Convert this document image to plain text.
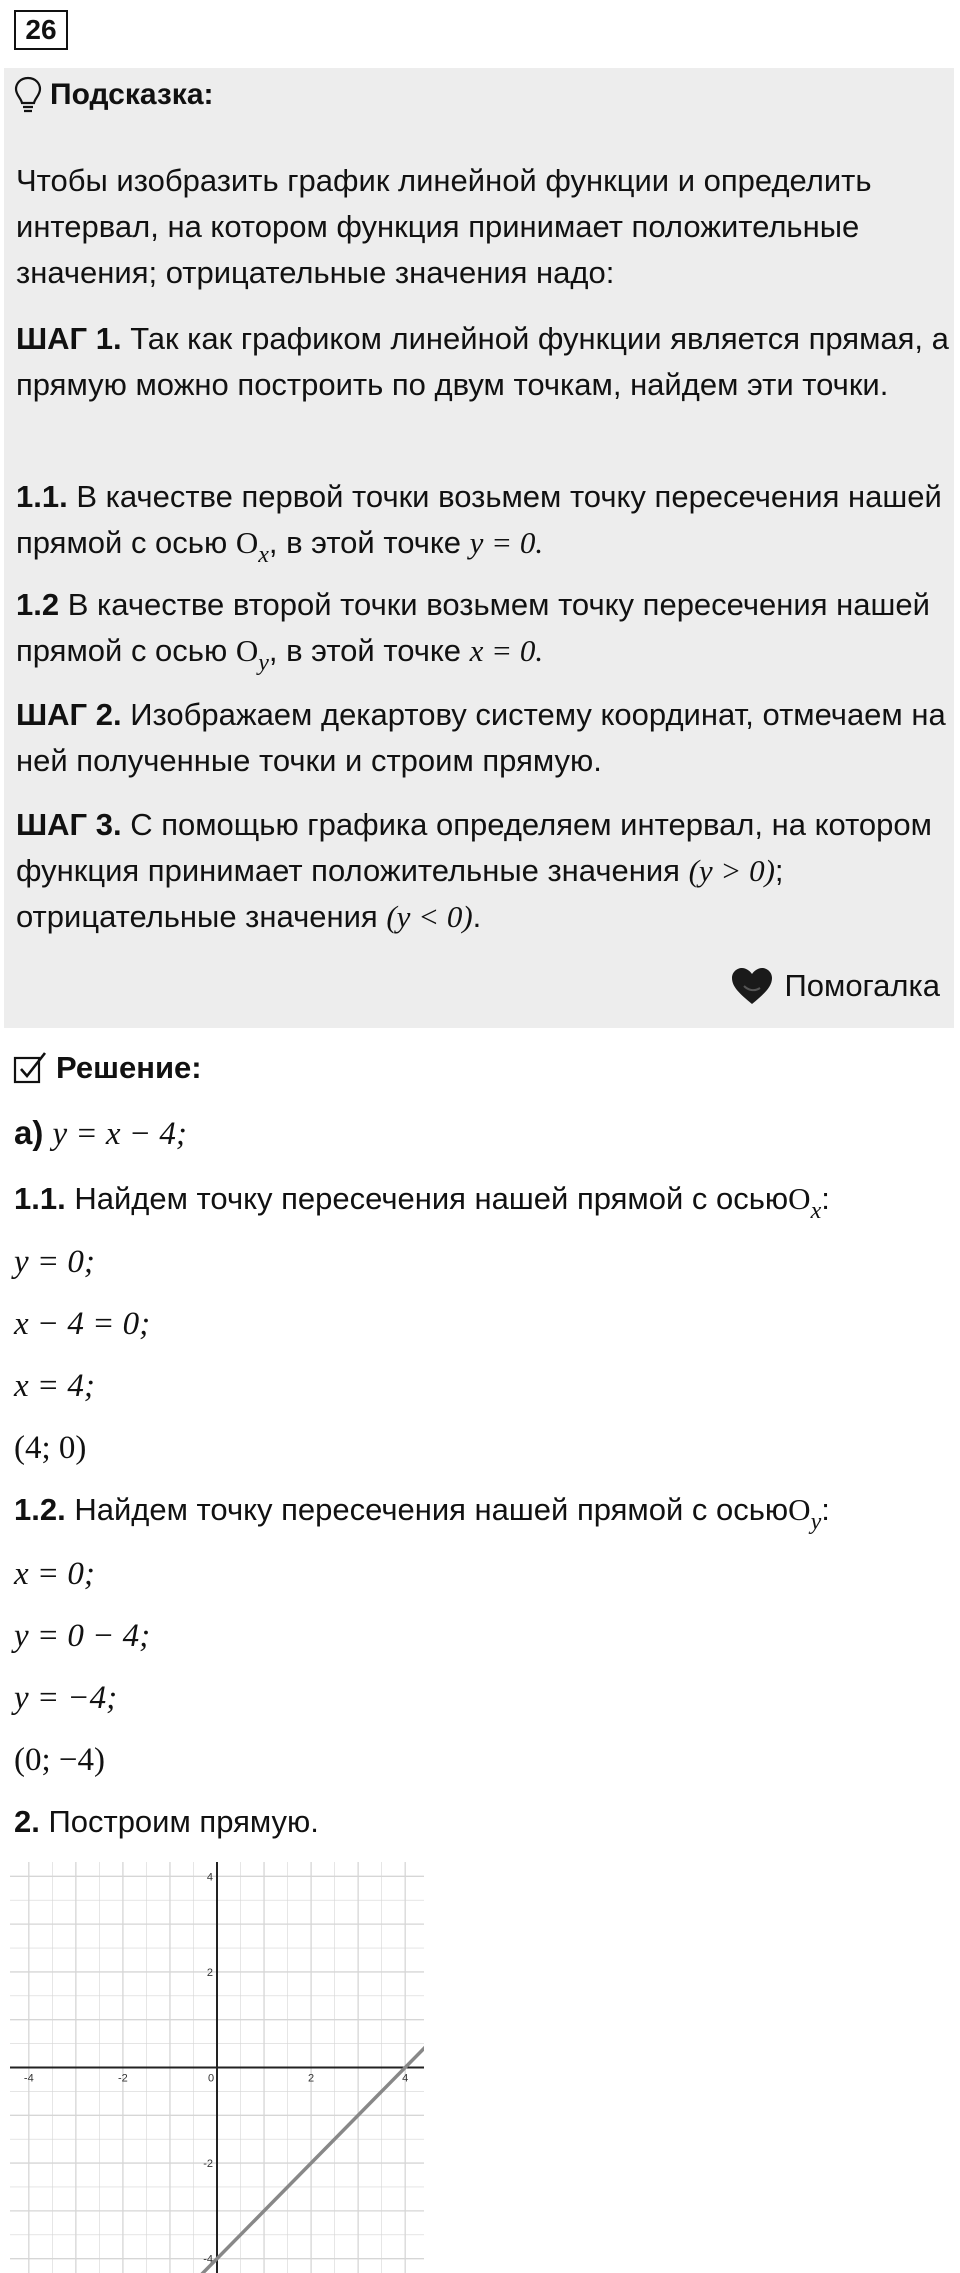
26
Подсказка:
Чтобы изобразить график линейной функции и определить интервал, на котором функция принимает положительные значения; отрицательные значения надо:
ШАГ 1. Так как графиком линейной функции является прямая, а прямую можно построить по двум точкам, найдем эти точки.
1.1. В качестве первой точки возьмем точку пересечения нашей прямой с осью $O_x$, в этой точке y = 0.
1.2 В качестве второй точки возьмем точку пересечения нашей прямой с осью $O_y$, в этой точке x = 0.
ШАГ 2. Изображаем декартову систему координат, отмечаем на ней полученные точки и строим прямую.
ШАГ 3. С помощью графика определяем интервал, на котором функция принимает положительные значения (y > 0); отрицательные значения (y < 0).
Помогалка
Решение:
а) y = x − 4;
1.1. Найдем точку пересечения нашей прямой с осьюO$_x$:
y = 0;
x − 4 = 0;
x = 4;
(4; 0)
1.2. Найдем точку пересечения нашей прямой с осьюO$_y$:
x = 0;
y = 0 − 4;
y = −4;
(0; −4)
2. Построим прямую.
-4	-2	0	2	4
4
2
-2
-4
